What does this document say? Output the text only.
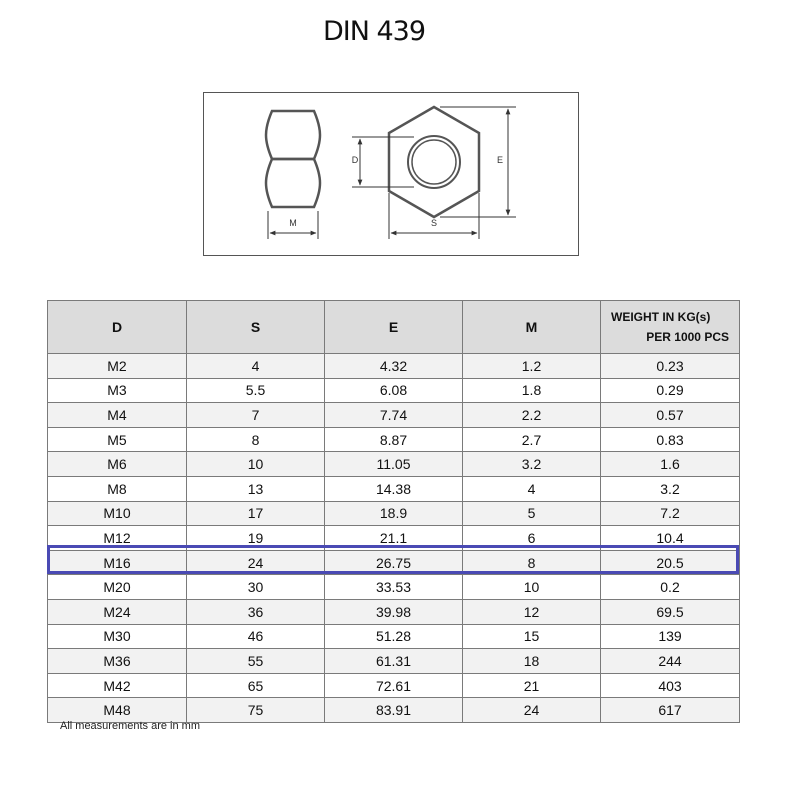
DIN 439
M
D	E
S
D	S	E	M	WEIGHT IN KG(s)
PER 1000 PCS

M2	4	4.32	1.2	0.23
M3	5.5	6.08	1.8	0.29
M4	7	7.74	2.2	0.57
M5	8	8.87	2.7	0.83
M6	10	11.05	3.2	1.6
M8	13	14.38	4	3.2
M10	17	18.9	5	7.2
M12	19	21.1	6	10.4
M16	24	26.75	8	20.5
M20	30	33.53	10	0.2
M24	36	39.98	12	69.5
M30	46	51.28	15	139
M36	55	61.31	18	244
M42	65	72.61	21	403
M48	75	83.91	24	617
All measurements are in mm
